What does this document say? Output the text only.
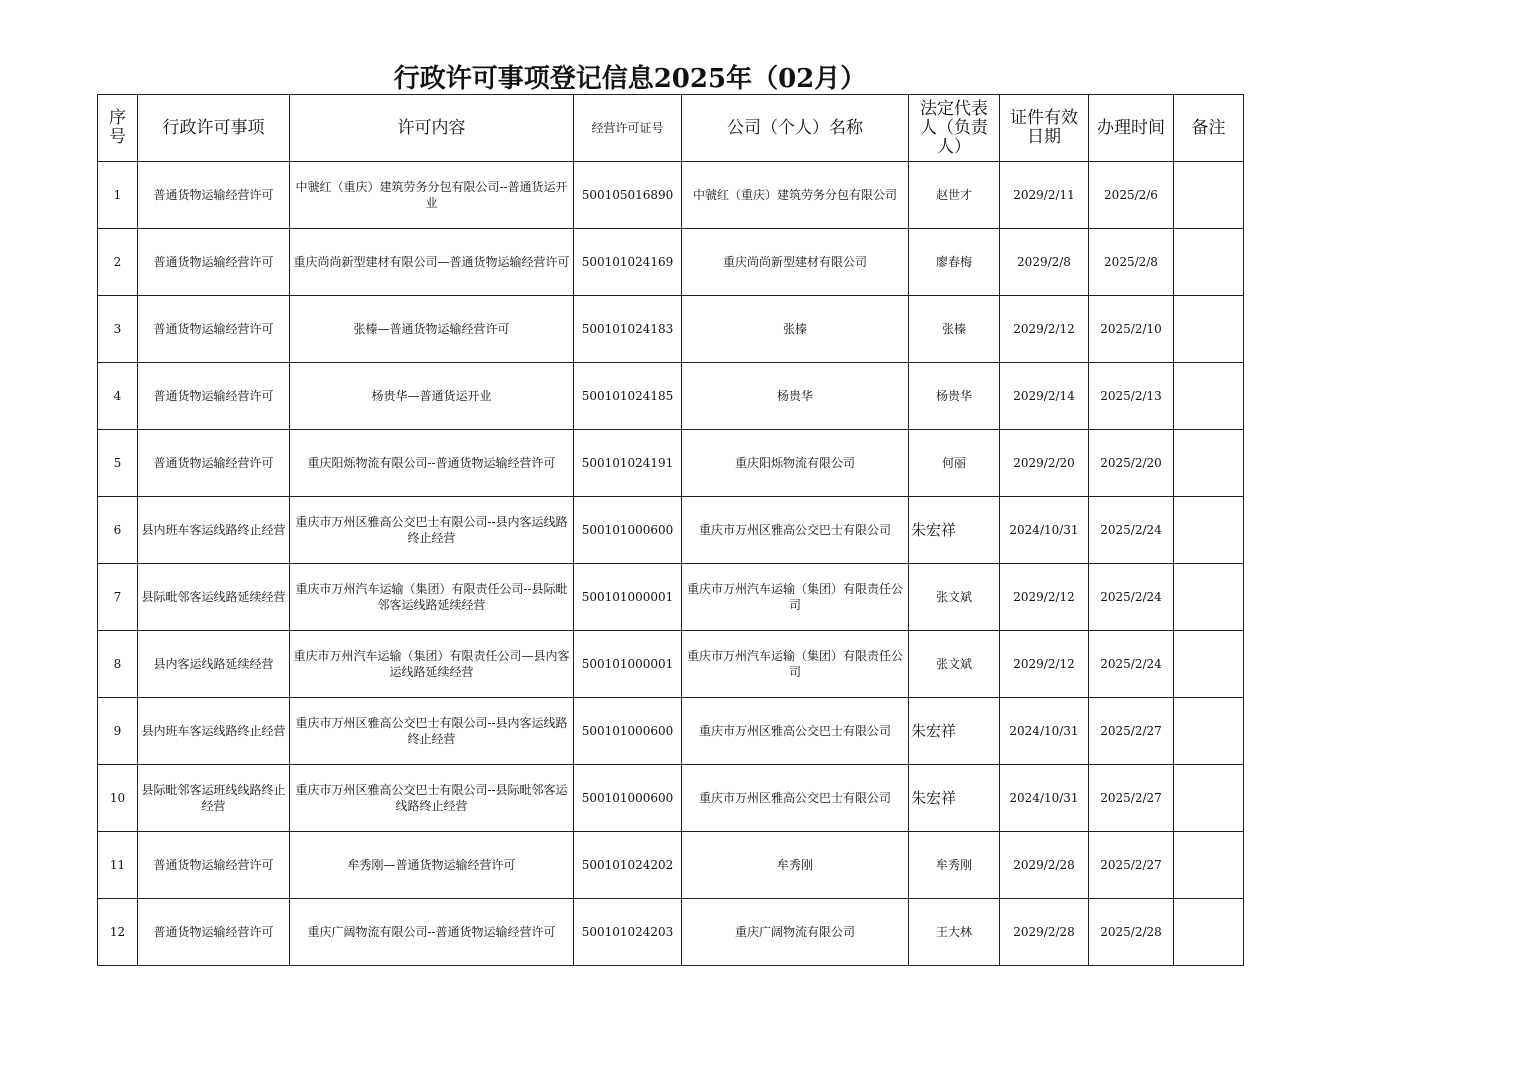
行政许可事项登记信息2025年（02月）
序号	行政许可事项	许可内容	经营许可证号	公司（个人）名称	法定代表人（负责人）	证件有效日期	办理时间	备注
1	普通货物运输经营许可	中虢红（重庆）建筑劳务分包有限公司--普通货运开业	500105016890	中虢红（重庆）建筑劳务分包有限公司	赵世才	2029/2/11	2025/2/6	
2	普通货物运输经营许可	重庆尚尚新型建材有限公司—普通货物运输经营许可	500101024169	重庆尚尚新型建材有限公司	廖春梅	2029/2/8	2025/2/8	
3	普通货物运输经营许可	张榛—普通货物运输经营许可	500101024183	张榛	张榛	2029/2/12	2025/2/10	
4	普通货物运输经营许可	杨贵华—普通货运开业	500101024185	杨贵华	杨贵华	2029/2/14	2025/2/13	
5	普通货物运输经营许可	重庆阳烁物流有限公司--普通货物运输经营许可	500101024191	重庆阳烁物流有限公司	何丽	2029/2/20	2025/2/20	
6	县内班车客运线路终止经营	重庆市万州区雅高公交巴士有限公司--县内客运线路终止经营	500101000600	重庆市万州区雅高公交巴士有限公司	朱宏祥	2024/10/31	2025/2/24	
7	县际毗邻客运线路延续经营	重庆市万州汽车运输（集团）有限责任公司--县际毗邻客运线路延续经营	500101000001	重庆市万州汽车运输（集团）有限责任公司	张文斌	2029/2/12	2025/2/24	
8	县内客运线路延续经营	重庆市万州汽车运输（集团）有限责任公司—县内客运线路延续经营	500101000001	重庆市万州汽车运输（集团）有限责任公司	张文斌	2029/2/12	2025/2/24	
9	县内班车客运线路终止经营	重庆市万州区雅高公交巴士有限公司--县内客运线路终止经营	500101000600	重庆市万州区雅高公交巴士有限公司	朱宏祥	2024/10/31	2025/2/27	
10	县际毗邻客运班线线路终止经营	重庆市万州区雅高公交巴士有限公司--县际毗邻客运线路终止经营	500101000600	重庆市万州区雅高公交巴士有限公司	朱宏祥	2024/10/31	2025/2/27	
11	普通货物运输经营许可	牟秀刚—普通货物运输经营许可	500101024202	牟秀刚	牟秀刚	2029/2/28	2025/2/27	
12	普通货物运输经营许可	重庆广阔物流有限公司--普通货物运输经营许可	500101024203	重庆广阔物流有限公司	王大林	2029/2/28	2025/2/28	
